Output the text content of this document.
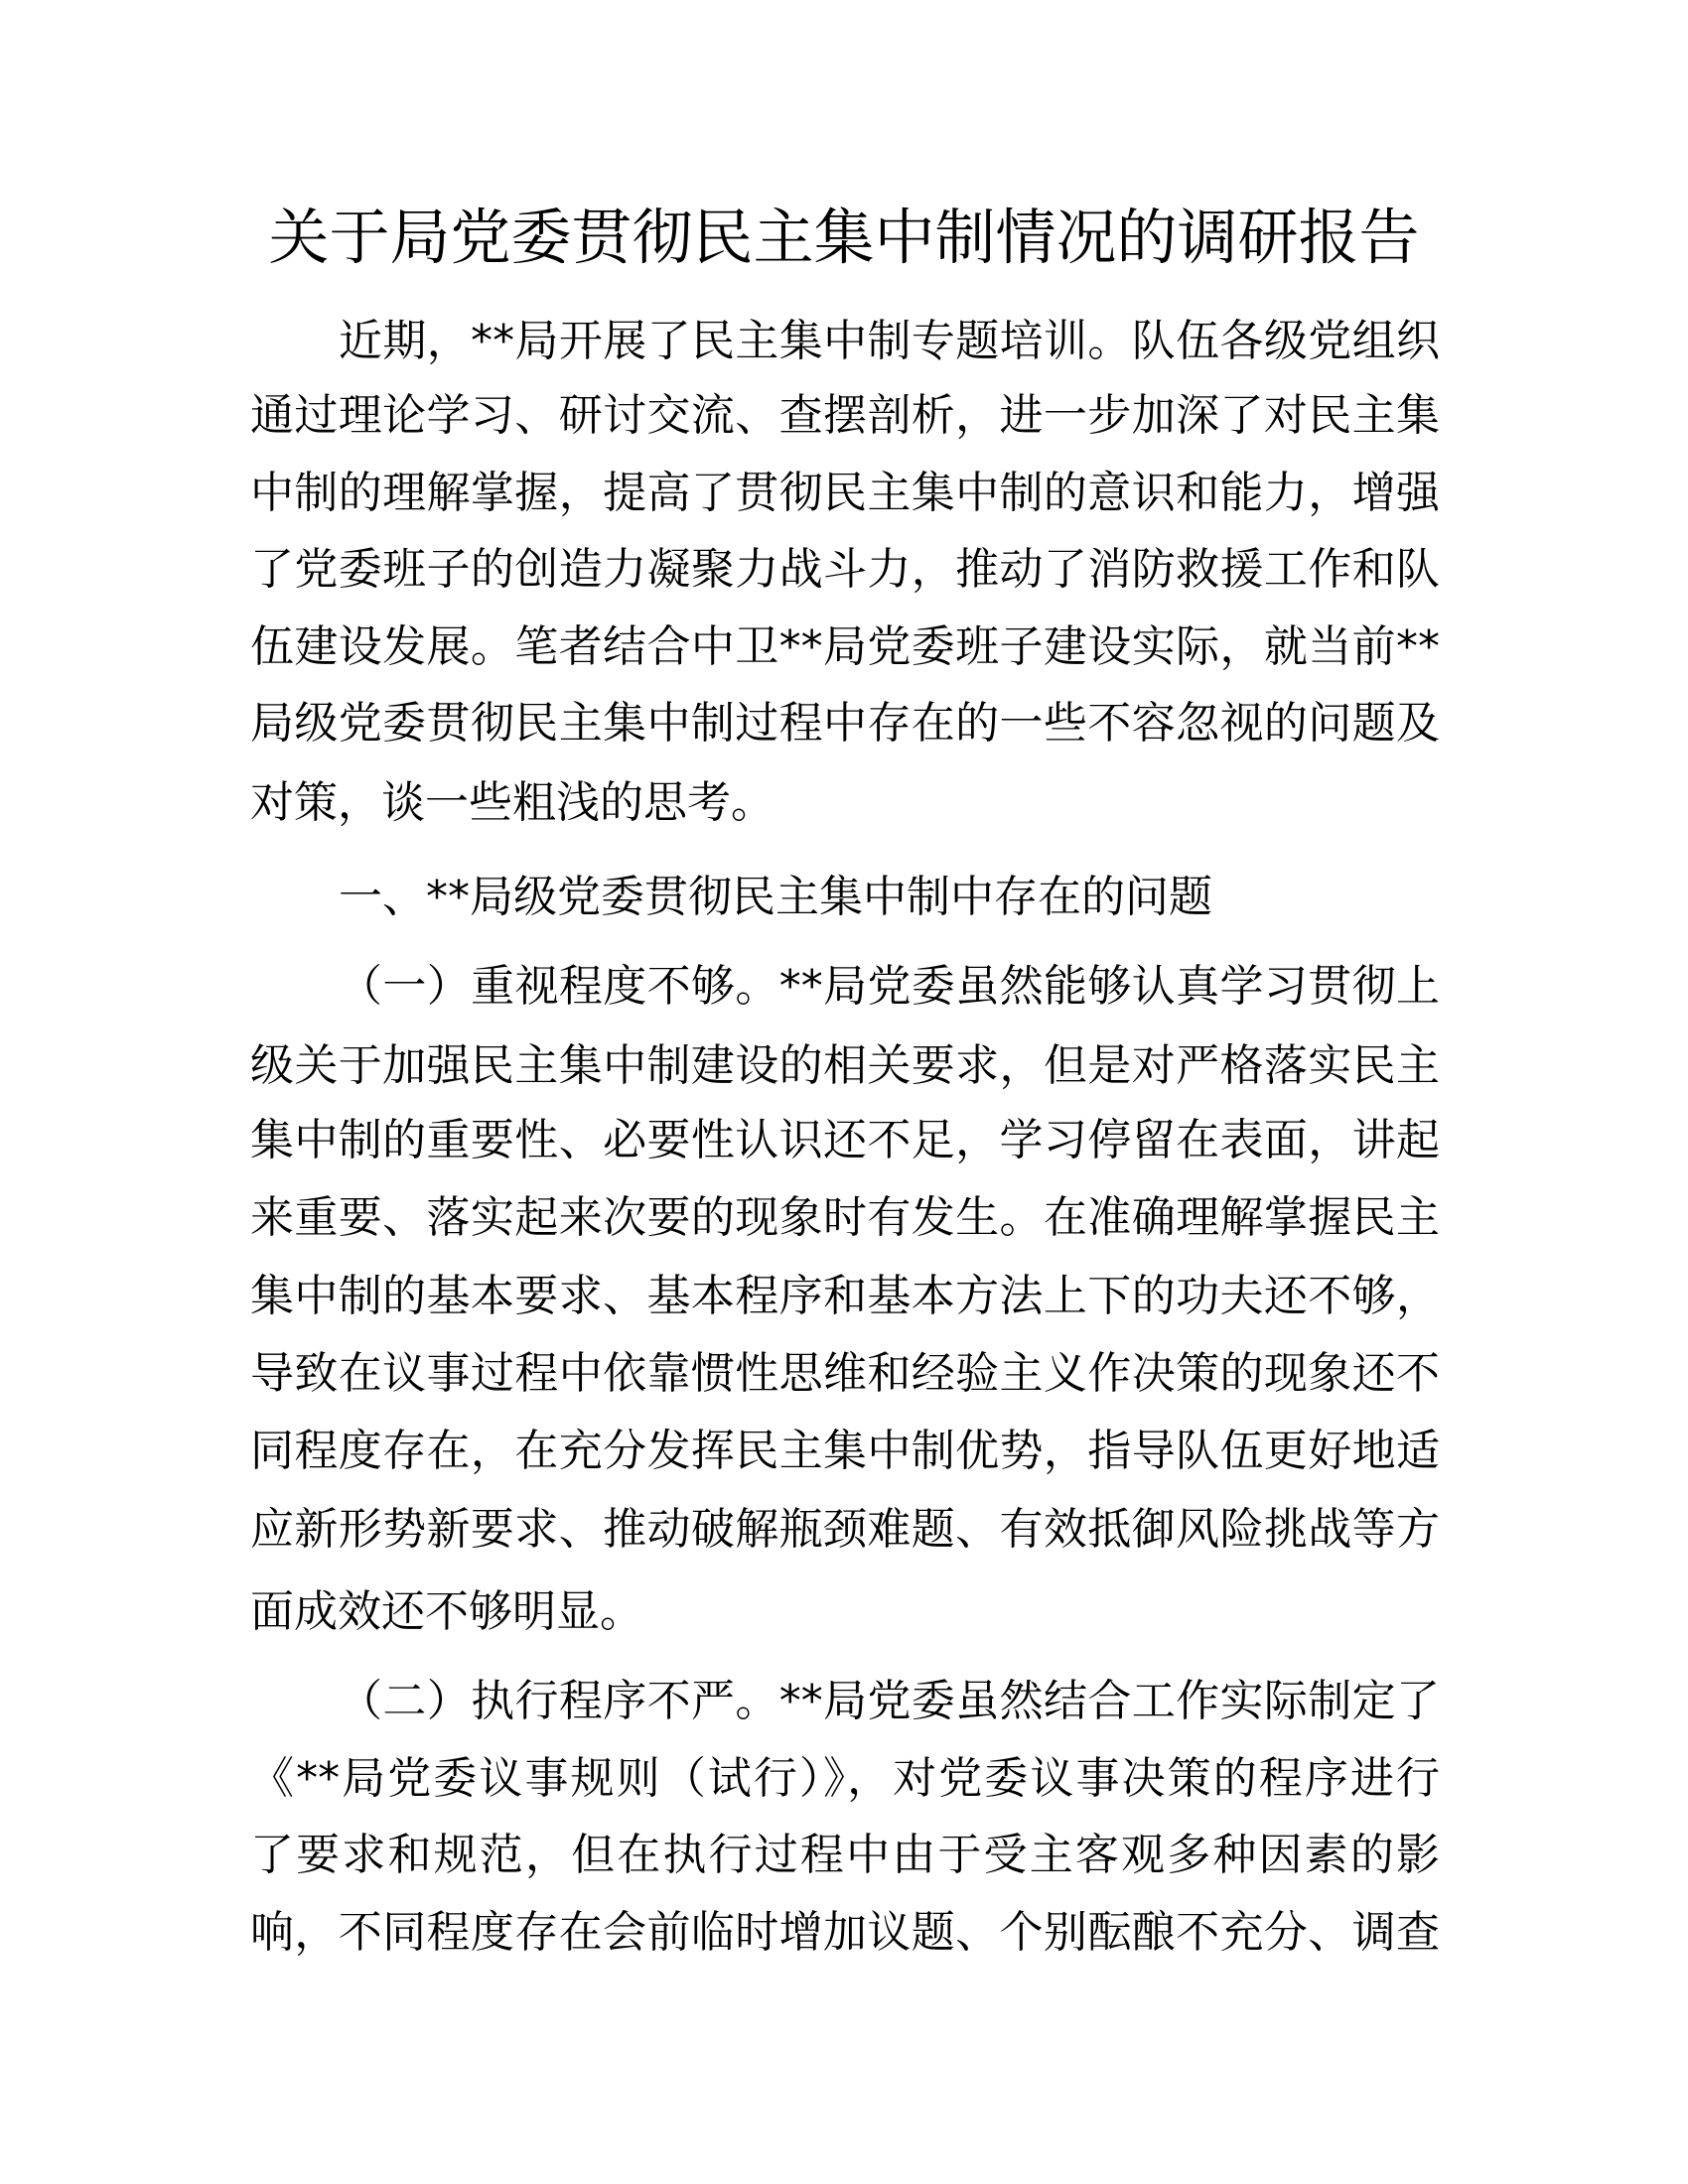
关于局党委贯彻民主集中制情况的调研报告
近期，**局开展了民主集中制专题培训。队伍各级党组织
通过理论学习、研讨交流、查摆剖析，进一步加深了对民主集
中制的理解掌握，提高了贯彻民主集中制的意识和能力，增强
了党委班子的创造力凝聚力战斗力，推动了消防救援工作和队
伍建设发展。笔者结合中卫**局党委班子建设实际，就当前**
局级党委贯彻民主集中制过程中存在的一些不容忽视的问题及
对策，谈一些粗浅的思考。
一、**局级党委贯彻民主集中制中存在的问题
（一）重视程度不够。**局党委虽然能够认真学习贯彻上
级关于加强民主集中制建设的相关要求，但是对严格落实民主
集中制的重要性、必要性认识还不足，学习停留在表面，讲起
来重要、落实起来次要的现象时有发生。在准确理解掌握民主
集中制的基本要求、基本程序和基本方法上下的功夫还不够，
导致在议事过程中依靠惯性思维和经验主义作决策的现象还不
同程度存在，在充分发挥民主集中制优势，指导队伍更好地适
应新形势新要求、推动破解瓶颈难题、有效抵御风险挑战等方
面成效还不够明显。
（二）执行程序不严。**局党委虽然结合工作实际制定了
《**局党委议事规则（试行）》，对党委议事决策的程序进行
了要求和规范，但在执行过程中由于受主客观多种因素的影
响，不同程度存在会前临时增加议题、个别酝酿不充分、调查
